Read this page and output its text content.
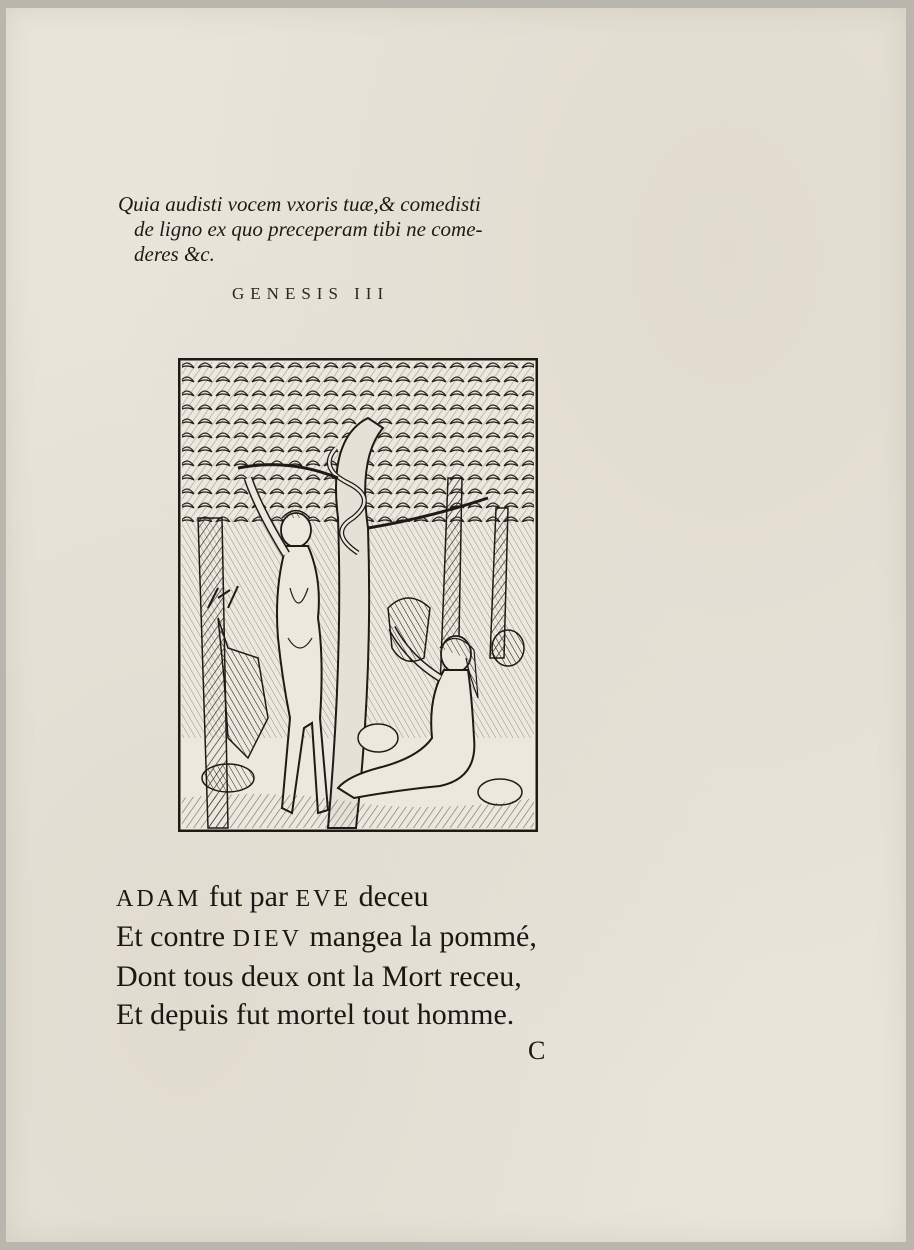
Quia audisti vocem vxoris tuæ,& comedisti
de ligno ex quo preceperam tibi ne come-
deres &c.
GENESIS III
ADAM fut par EVE deceu
Et contre DIEV mangea la pommé,
Dont tous deux ont la Mort receu,
Et depuis fut mortel tout homme.
C
